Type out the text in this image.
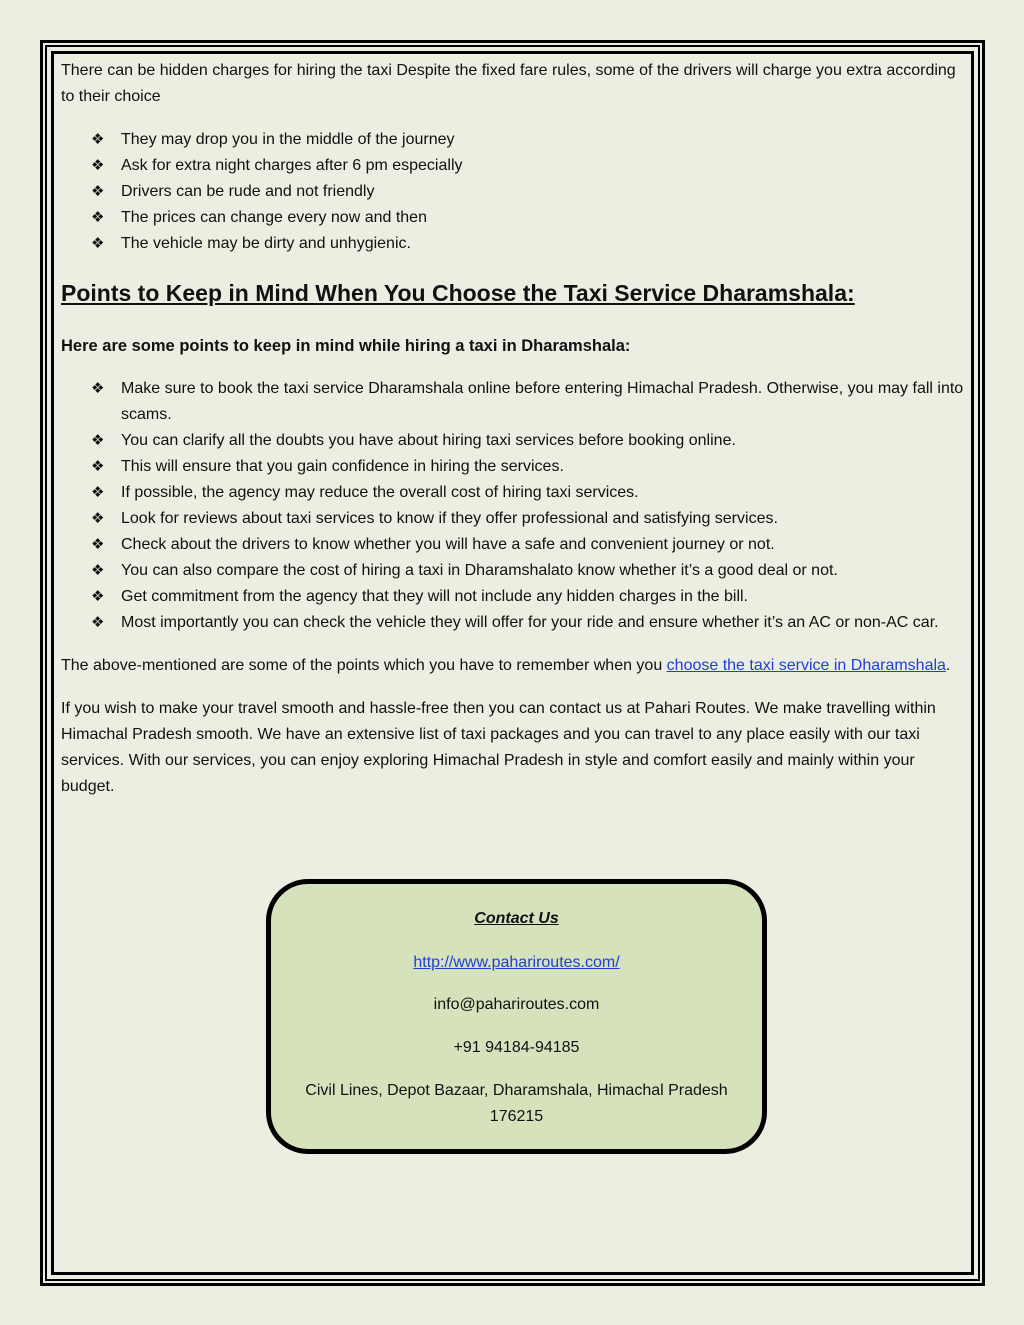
There can be hidden charges for hiring the taxi Despite the fixed fare rules, some of the drivers will charge you extra according to their choice

❖ They may drop you in the middle of the journey
❖ Ask for extra night charges after 6 pm especially
❖ Drivers can be rude and not friendly
❖ The prices can change every now and then
❖ The vehicle may be dirty and unhygienic.

Points to Keep in Mind When You Choose the Taxi Service Dharamshala:

Here are some points to keep in mind while hiring a taxi in Dharamshala:

❖ Make sure to book the taxi service Dharamshala online before entering Himachal Pradesh. Otherwise, you may fall into scams.
❖ You can clarify all the doubts you have about hiring taxi services before booking online.
❖ This will ensure that you gain confidence in hiring the services.
❖ If possible, the agency may reduce the overall cost of hiring taxi services.
❖ Look for reviews about taxi services to know if they offer professional and satisfying services.
❖ Check about the drivers to know whether you will have a safe and convenient journey or not.
❖ You can also compare the cost of hiring a taxi in Dharamshalato know whether it’s a good deal or not.
❖ Get commitment from the agency that they will not include any hidden charges in the bill.
❖ Most importantly you can check the vehicle they will offer for your ride and ensure whether it’s an AC or non-AC car.

The above-mentioned are some of the points which you have to remember when you choose the taxi service in Dharamshala.

If you wish to make your travel smooth and hassle-free then you can contact us at Pahari Routes. We make travelling within Himachal Pradesh smooth. We have an extensive list of taxi packages and you can travel to any place easily with our taxi services. With our services, you can enjoy exploring Himachal Pradesh in style and comfort easily and mainly within your budget.

Contact Us
http://www.pahariroutes.com/
info@pahariroutes.com
+91 94184-94185
Civil Lines, Depot Bazaar, Dharamshala, Himachal Pradesh 176215
